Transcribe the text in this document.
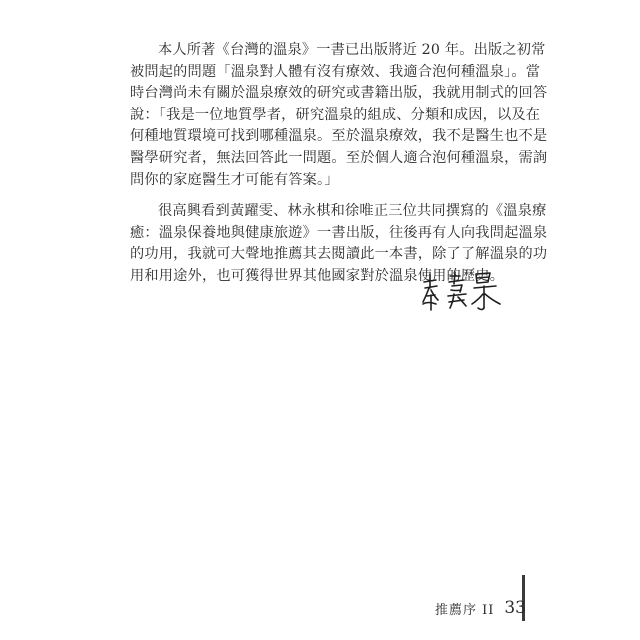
本人所著《台灣的溫泉》一書已出版將近 20 年。出版之初常
被問起的問題「溫泉對人體有沒有療效、我適合泡何種溫泉」。當
時台灣尚未有關於溫泉療效的研究或書籍出版，我就用制式的回答
說：「我是一位地質學者，研究溫泉的組成、分類和成因，以及在
何種地質環境可找到哪種溫泉。至於溫泉療效，我不是醫生也不是
醫學研究者，無法回答此一問題。至於個人適合泡何種溫泉，需詢
問你的家庭醫生才可能有答案。」

很高興看到黃躍雯、林永棋和徐唯正三位共同撰寫的《溫泉療
癒：溫泉保養地與健康旅遊》一書出版，往後再有人向我問起溫泉
的功用，我就可大聲地推薦其去閱讀此一本書，除了了解溫泉的功
用和用途外，也可獲得世界其他國家對於溫泉使用的歷史。

推薦序 II 33
